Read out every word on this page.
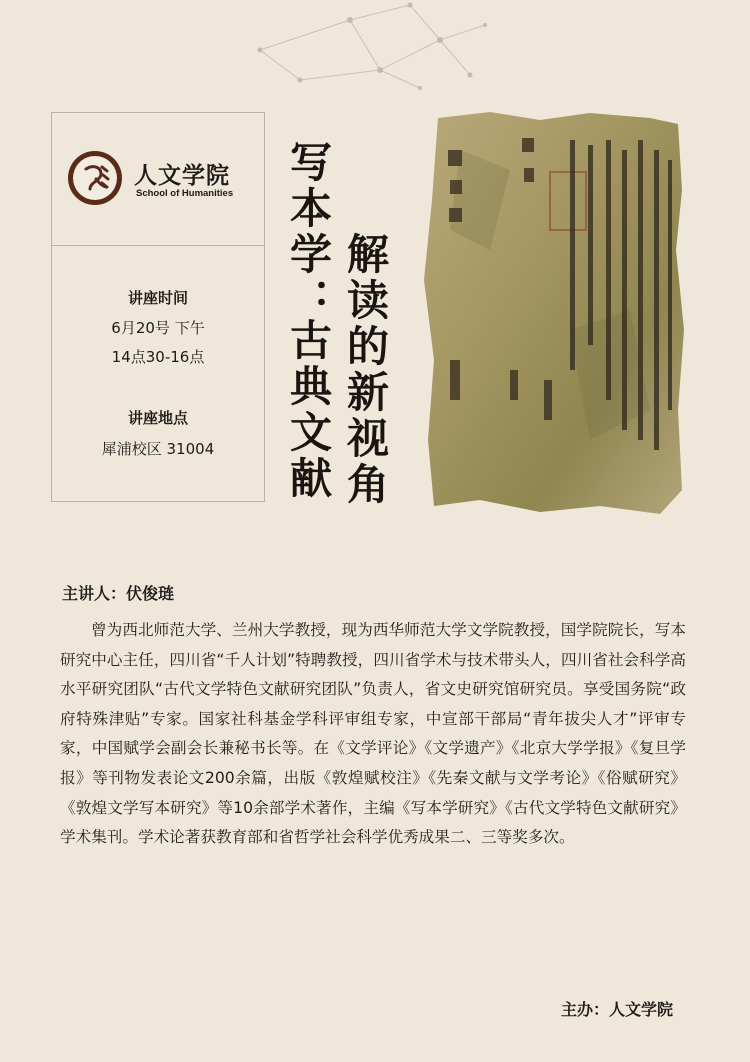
人文学院
School of Humanities
讲座时间
6月20号 下午
14点30-16点
讲座地点
犀浦校区 31004
写本学：
古典文献 解读的新视角
主讲人：伏俊琏

曾为西北师范大学、兰州大学教授，现为西华师范大学文学院教授，国学院院长，写本研究中心主任，四川省“千人计划”特聘教授，四川省学术与技术带头人，四川省社会科学高水平研究团队“古代文学特色文献研究团队”负责人，省文史研究馆研究员。享受国务院“政府特殊津贴”专家。国家社科基金学科评审组专家，中宣部干部局“青年拔尖人才”评审专家，中国赋学会副会长兼秘书长等。在《文学评论》《文学遗产》《北京大学学报》《复旦学报》等刊物发表论文200余篇，出版《敦煌赋校注》《先秦文献与文学考论》《俗赋研究》《敦煌文学写本研究》等10余部学术著作，主编《写本学研究》《古代文学特色文献研究》学术集刊。学术论著获教育部和省哲学社会科学优秀成果二、三等奖多次。

主办：人文学院
